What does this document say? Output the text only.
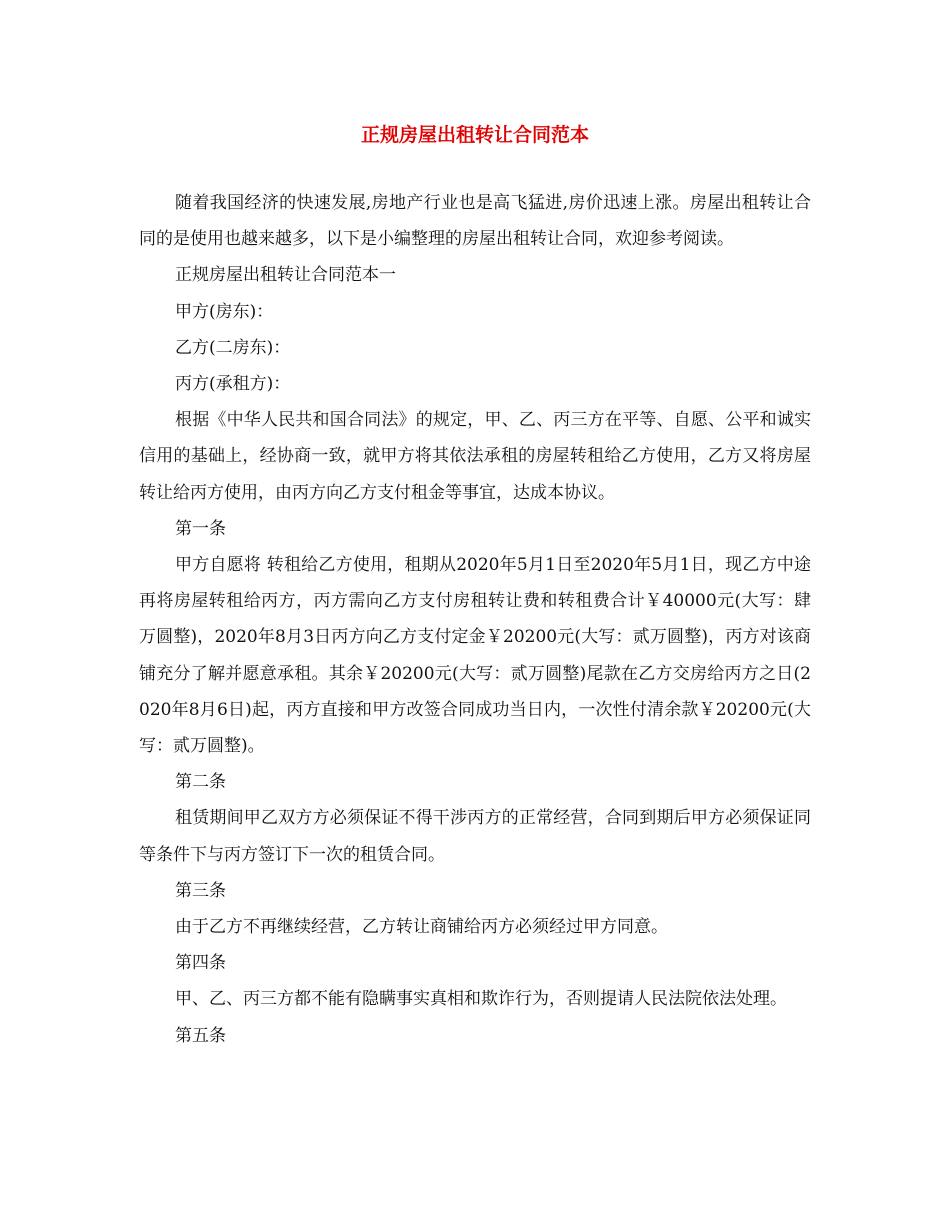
正规房屋出租转让合同范本

随着我国经济的快速发展,房地产行业也是高飞猛进,房价迅速上涨。房屋出租转让合同的是使用也越来越多，以下是小编整理的房屋出租转让合同，欢迎参考阅读。

正规房屋出租转让合同范本一

甲方(房东)：

乙方(二房东)：

丙方(承租方)：

根据《中华人民共和国合同法》的规定，甲、乙、丙三方在平等、自愿、公平和诚实信用的基础上，经协商一致，就甲方将其依法承租的房屋转租给乙方使用，乙方又将房屋转让给丙方使用，由丙方向乙方支付租金等事宜，达成本协议。

第一条

甲方自愿将 转租给乙方使用，租期从2020年5月1日至2020年5月1日，现乙方中途再将房屋转租给丙方，丙方需向乙方支付房租转让费和转租费合计￥40000元(大写：肆万圆整)，2020年8月3日丙方向乙方支付定金￥20200元(大写：贰万圆整)，丙方对该商铺充分了解并愿意承租。其余￥20200元(大写：贰万圆整)尾款在乙方交房给丙方之日(2020年8月6日)起，丙方直接和甲方改签合同成功当日内，一次性付清余款￥20200元(大写：贰万圆整)。

第二条

租赁期间甲乙双方方必须保证不得干涉丙方的正常经营，合同到期后甲方必须保证同等条件下与丙方签订下一次的租赁合同。

第三条

由于乙方不再继续经营，乙方转让商铺给丙方必须经过甲方同意。

第四条

甲、乙、丙三方都不能有隐瞒事实真相和欺诈行为，否则提请人民法院依法处理。

第五条
